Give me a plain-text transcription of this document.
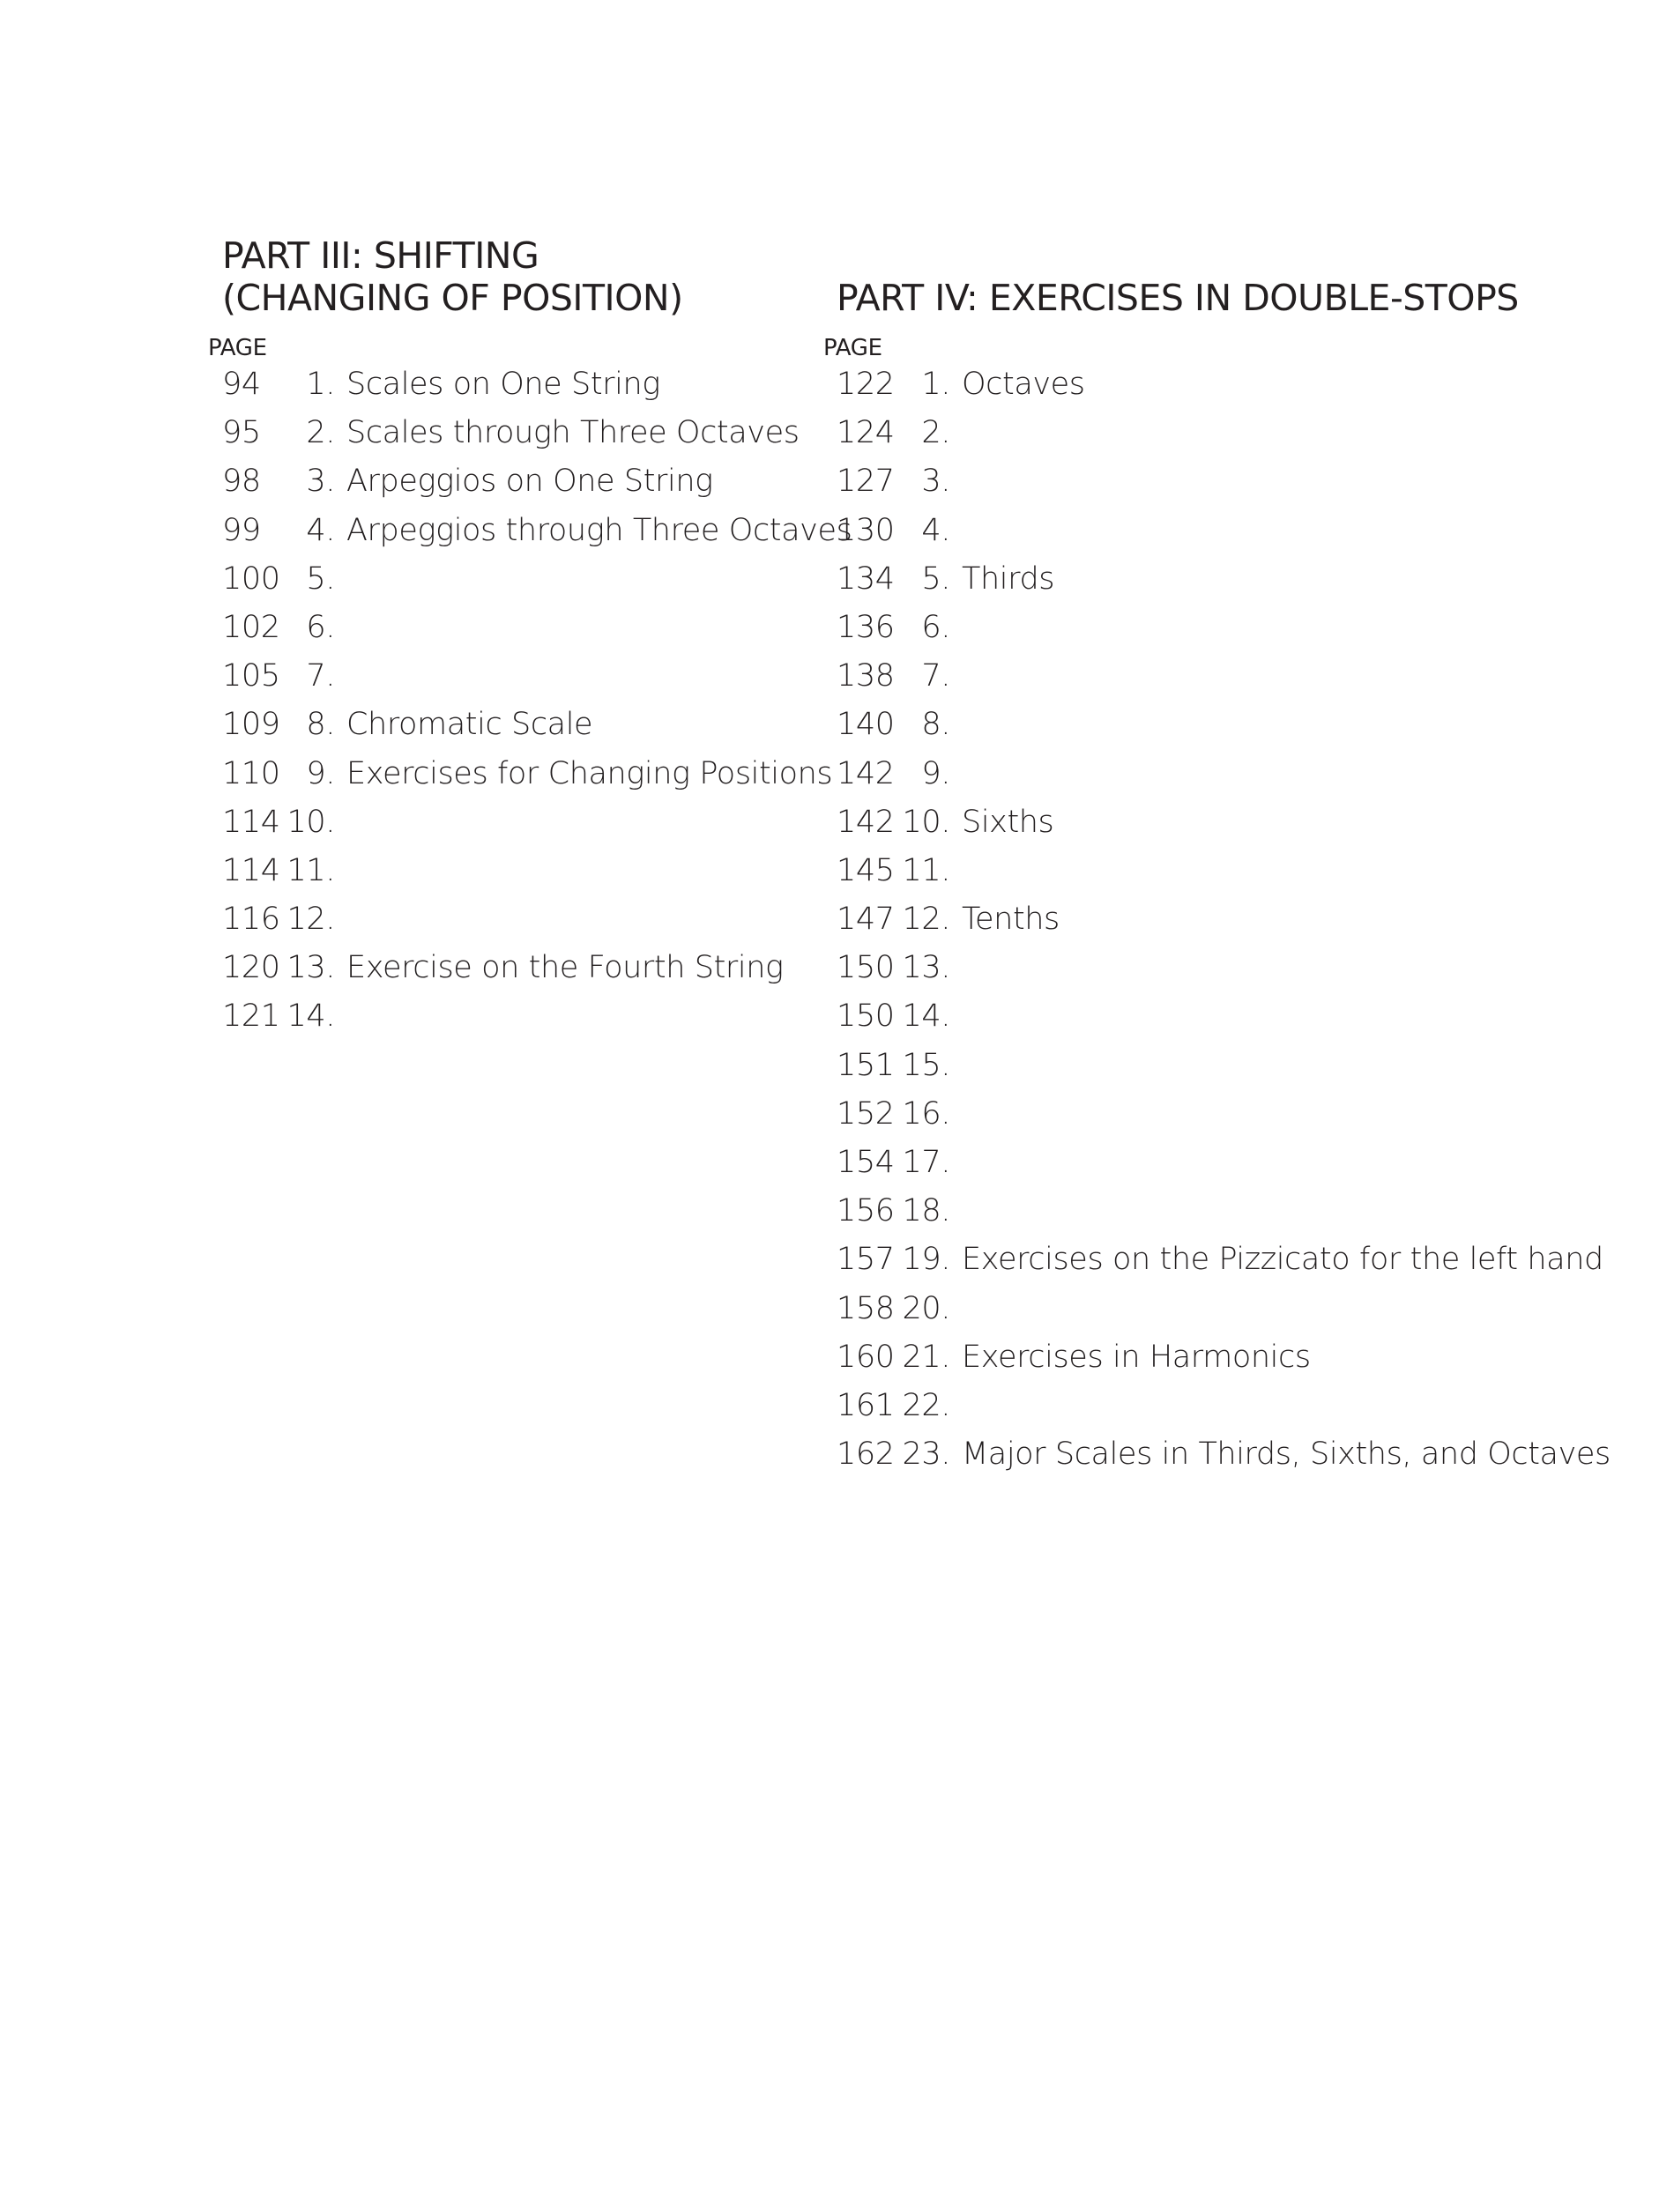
PART III: SHIFTING
(CHANGING OF POSITION)
PAGE
94 1. Scales on One String
95 2. Scales through Three Octaves
98 3. Arpeggios on One String
99 4. Arpeggios through Three Octaves
100 5.
102 6.
105 7.
109 8. Chromatic Scale
110 9. Exercises for Changing Positions
114 10.
114 11.
116 12.
120 13. Exercise on the Fourth String
121 14.
PART IV: EXERCISES IN DOUBLE-STOPS
PAGE
122 1. Octaves
124 2.
127 3.
130 4.
134 5. Thirds
136 6.
138 7.
140 8.
142 9.
142 10. Sixths
145 11.
147 12. Tenths
150 13.
150 14.
151 15.
152 16.
154 17.
156 18.
157 19. Exercises on the Pizzicato for the left hand
158 20.
160 21. Exercises in Harmonics
161 22.
162 23. Major Scales in Thirds, Sixths, and Octaves
